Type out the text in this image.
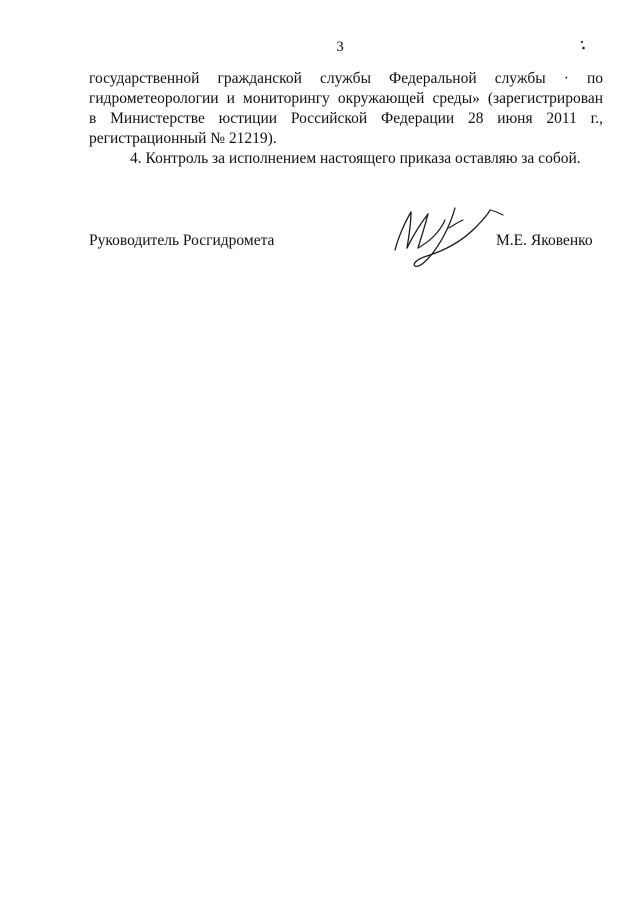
3
государственной гражданской службы Федеральной службы · по
гидрометеорологии и мониторингу окружающей среды» (зарегистрирован
в Министерстве юстиции Российской Федерации 28 июня 2011 г.,
регистрационный № 21219).
4. Контроль за исполнением настоящего приказа оставляю за собой.
Руководитель Росгидромета	М.Е. Яковенко
